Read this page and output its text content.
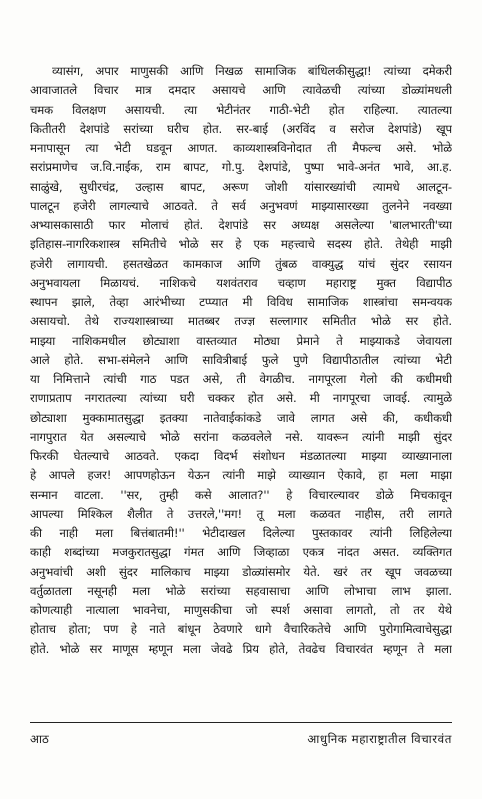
व्यासंग, अपार माणुसकी आणि निखळ सामाजिक बांधिलकीसुद्धा! त्यांच्या दमेकरी
आवाजातले विचार मात्र दमदार असायचे आणि त्यावेळची त्यांच्या डोळ्यांमधली
चमक विलक्षण असायची. त्या भेटीनंतर गाठी-भेटी होत राहिल्या. त्यातल्या
कितीतरी देशपांडे सरांच्या घरीच होत. सर-बाई (अरविंद व सरोज देशपांडे) खूप
मनापासून त्या भेटी घडवून आणत. काव्यशास्त्रविनोदात ती मैफल्च असे. भोळे
सरांप्रमाणेच ज.वि.नाईक, राम बापट, गो.पु. देशपांडे, पुष्पा भावे-अनंत भावे, आ.ह.
साळुंखे, सुधीरचंद्र, उल्हास बापट, अरूण जोशी यांसारख्यांची त्यामधे आलटून-
पालटून हजेरी लागल्याचे आठवते. ते सर्व अनुभवणं माझ्यासारख्या तुलनेने नवख्या
अभ्यासकासाठी फार मोलाचं होतं. देशपांडे सर अध्यक्ष असलेल्या 'बालभारती'च्या
इतिहास-नागरिकशास्त्र समितीचे भोळे सर हे एक महत्त्वाचे सदस्य होते. तेथेही माझी
हजेरी लागायची. हसतखेळत कामकाज आणि तुंबळ वाक्युद्ध यांचं सुंदर रसायन
अनुभवायला मिळायचं. नाशिकचे यशवंतराव चव्हाण महाराष्ट्र मुक्त विद्यापीठ
स्थापन झाले, तेव्हा आरंभीच्या टप्प्यात मी विविध सामाजिक शास्त्रांचा समन्वयक
असायचो. तेथे राज्यशास्त्राच्या मातब्बर तज्ज्ञ सल्लागार समितीत भोळे सर होते.
माझ्या नाशिकमधील छोट्याशा वास्तव्यात मोठ्या प्रेमाने ते माझ्याकडे जेवायला
आले होते. सभा-संमेलने आणि सावित्रीबाई फुले पुणे विद्यापीठातील त्यांच्या भेटी
या निमित्ताने त्यांची गाठ पडत असे, ती वेगळीच. नागपूरला गेलो की कधीमधी
राणाप्रताप नगरातल्या त्यांच्या घरी चक्कर होत असे. मी नागपूरचा जावई. त्यामुळे
छोट्याशा मुक्कामातसुद्धा इतक्या नातेवाईकांकडे जावे लागत असे की, कधीकधी
नागपुरात येत असल्याचे भोळे सरांना कळवलेले नसे. यावरून त्यांनी माझी सुंदर
फिरकी घेतल्याचे आठवते. एकदा विदर्भ संशोधन मंडळातल्या माझ्या व्याख्यानाला
हे आपले हजर! आपणहोऊन येऊन त्यांनी माझे व्याख्यान ऐकावे, हा मला माझा
सन्मान वाटला. ''सर, तुम्ही कसे आलात?'' हे विचारल्यावर डोळे मिचकावून
आपल्या मिश्किल शैलीत ते उत्तरले,''मग! तू मला कळवत नाहीस, तरी लागते
की नाही मला बित्तंबातमी!'' भेटीदाखल दिलेल्या पुस्तकावर त्यांनी लिहिलेल्या
काही शब्दांच्या मजकुरातसुद्धा गंमत आणि जिव्हाळा एकत्र नांदत असत. व्यक्तिगत
अनुभवांची अशी सुंदर मालिकाच माझ्या डोळ्यांसमोर येते. खरं तर खूप जवळच्या
वर्तुळातला नसूनही मला भोळे सरांच्या सहवासाचा आणि लोभाचा लाभ झाला.
कोणत्याही नात्याला भावनेचा, माणुसकीचा जो स्पर्श असावा लागतो, तो तर येथे
होताच होता; पण हे नाते बांधून ठेवणारे धागे वैचारिकतेचे आणि पुरोगामित्वाचेसुद्धा
होते. भोळे सर माणूस म्हणून मला जेवढे प्रिय होते, तेवढेच विचारवंत म्हणून ते मला
आठ	आधुनिक महाराष्ट्रातील विचारवंत
